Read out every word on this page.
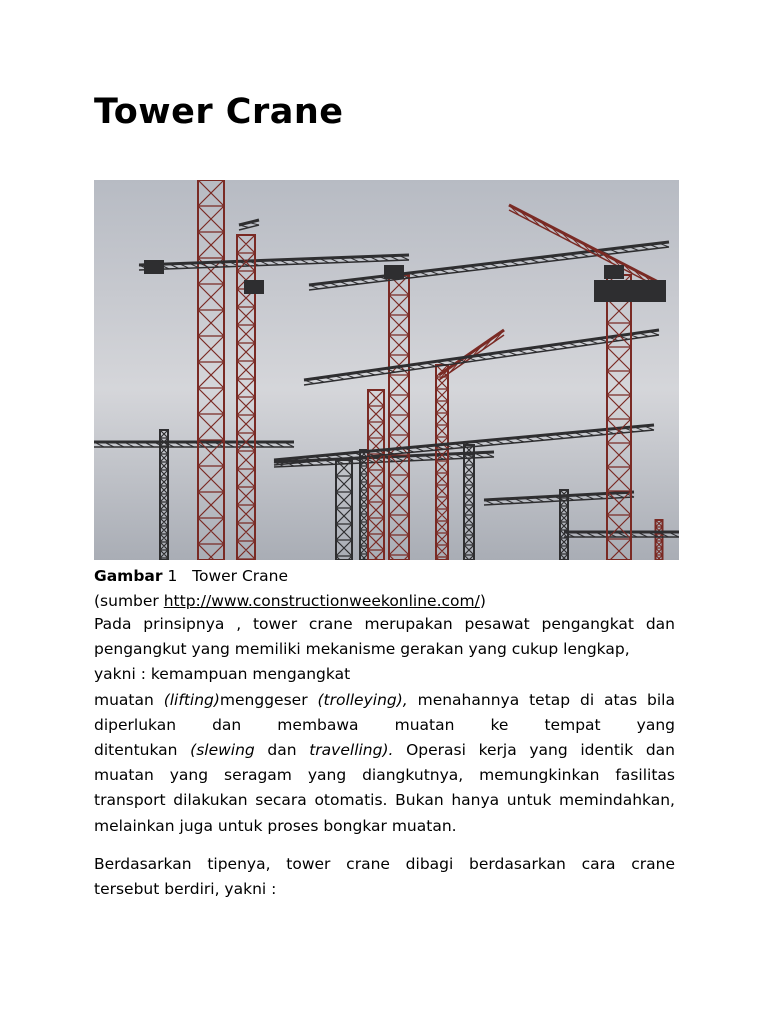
Tower Crane
Gambar 1 Tower Crane
(sumber http://www.constructionweekonline.com/)
Pada prinsipnya , tower crane merupakan pesawat pengangkat dan
pengangkut yang memiliki mekanisme gerakan yang cukup lengkap,
yakni : kemampuan mengangkat
muatan (lifting)menggeser (trolleying), menahannya tetap di atas bila
diperlukan dan membawa muatan ke tempat yang
ditentukan (slewing dan travelling). Operasi kerja yang identik dan
muatan yang seragam yang diangkutnya, memungkinkan fasilitas
transport dilakukan secara otomatis. Bukan hanya untuk memindahkan,
melainkan juga untuk proses bongkar muatan.
Berdasarkan tipenya, tower crane dibagi berdasarkan cara crane
tersebut berdiri, yakni :
